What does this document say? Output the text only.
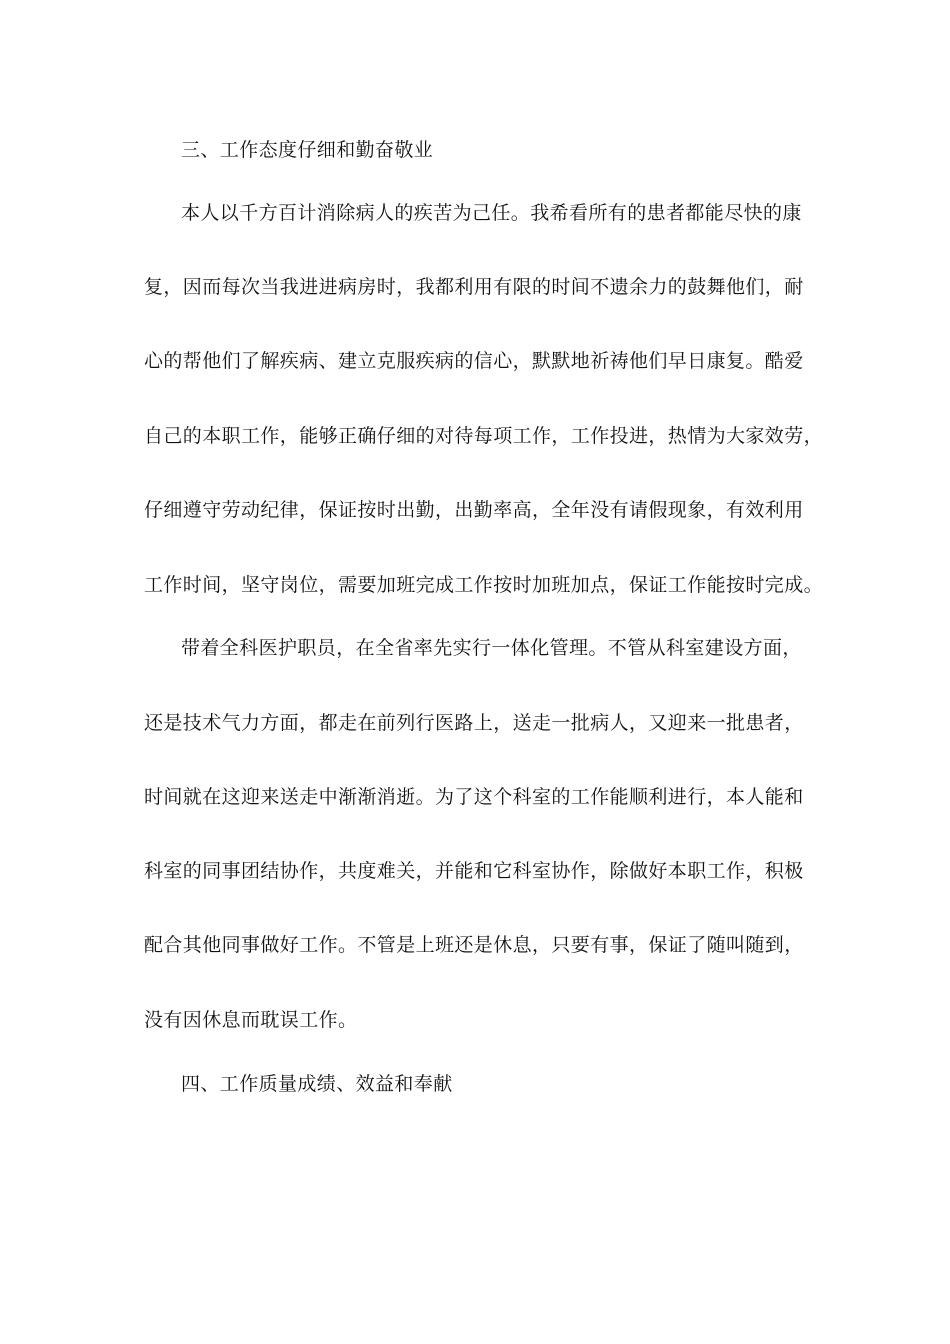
三、工作态度仔细和勤奋敬业
本人以千方百计消除病人的疾苦为己任。我希看所有的患者都能尽快的康
复，因而每次当我进进病房时，我都利用有限的时间不遗余力的鼓舞他们，耐
心的帮他们了解疾病、建立克服疾病的信心，默默地祈祷他们早日康复。酷爱
自己的本职工作，能够正确仔细的对待每项工作，工作投进，热情为大家效劳，
仔细遵守劳动纪律，保证按时出勤，出勤率高，全年没有请假现象，有效利用
工作时间，坚守岗位，需要加班完成工作按时加班加点，保证工作能按时完成。
带着全科医护职员，在全省率先实行一体化管理。不管从科室建设方面，
还是技术气力方面，都走在前列行医路上，送走一批病人，又迎来一批患者，
时间就在这迎来送走中渐渐消逝。为了这个科室的工作能顺利进行，本人能和
科室的同事团结协作，共度难关，并能和它科室协作，除做好本职工作，积极
配合其他同事做好工作。不管是上班还是休息，只要有事，保证了随叫随到，
没有因休息而耽误工作。
四、工作质量成绩、效益和奉献
